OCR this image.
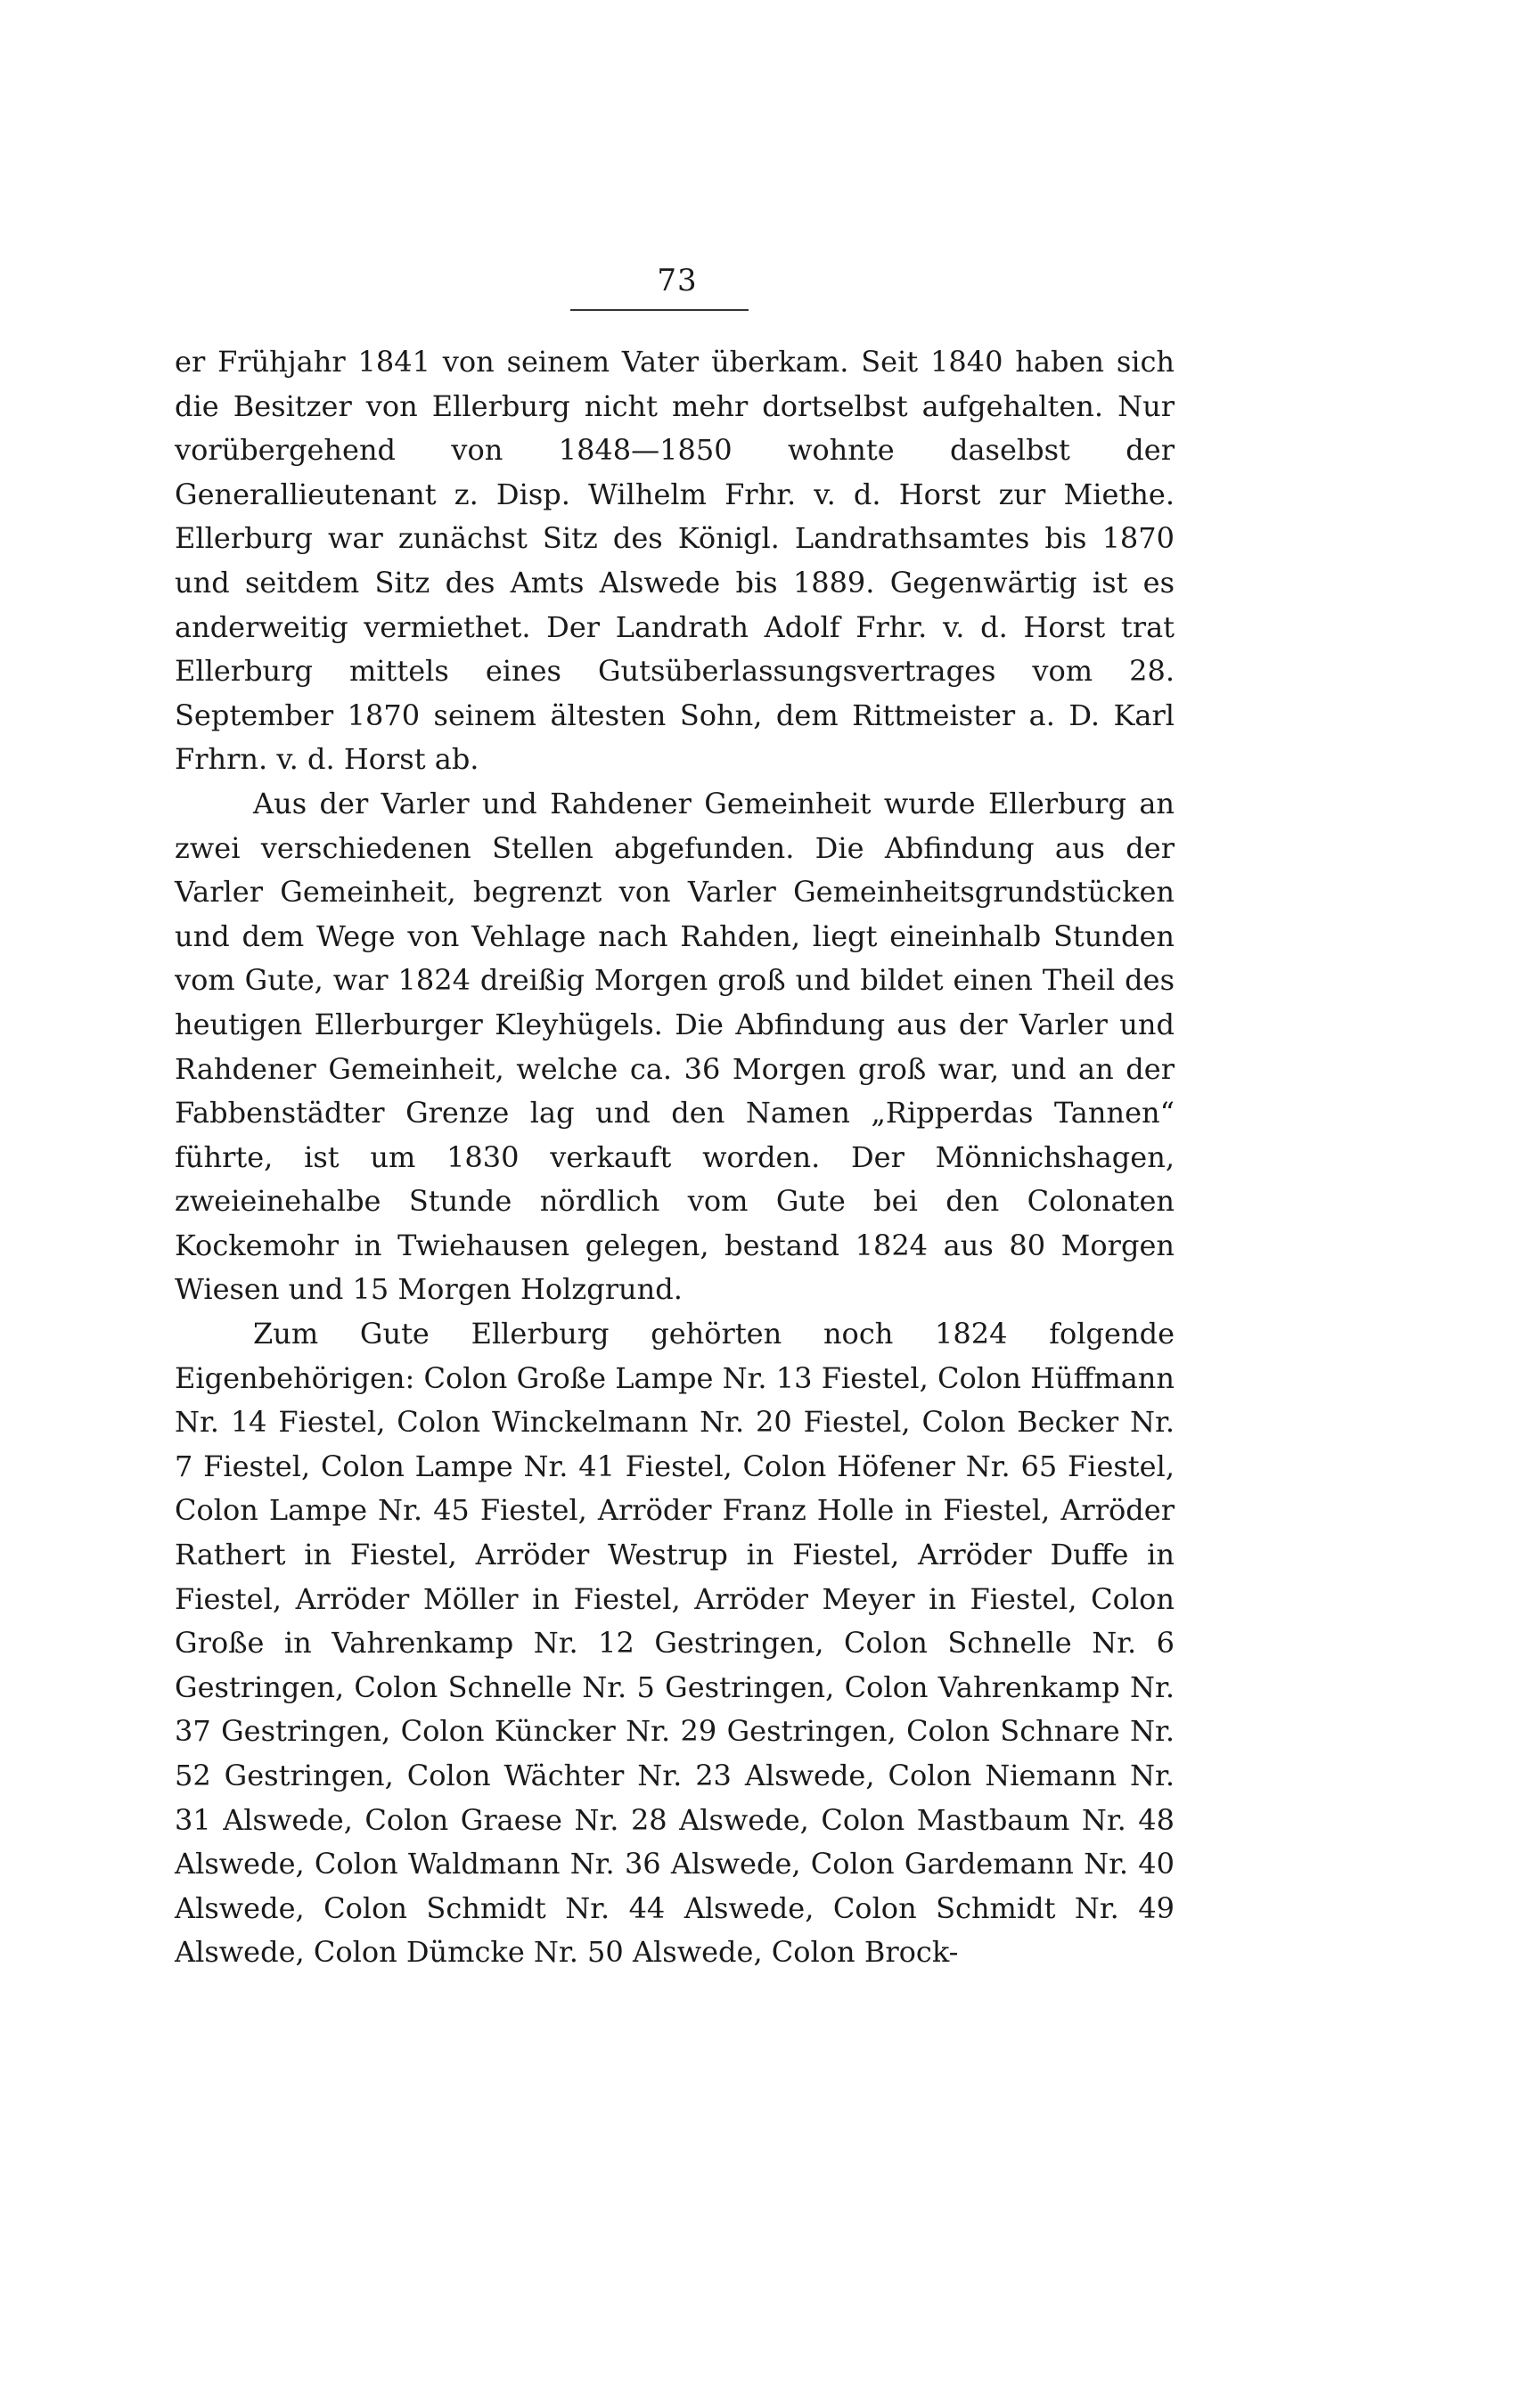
73

er Frühjahr 1841 von seinem Vater überkam. Seit 1840 haben sich die Besitzer von Ellerburg nicht mehr dortselbst aufgehalten. Nur vorübergehend von 1848—1850 wohnte daselbst der Generallieutenant z. Disp. Wilhelm Frhr. v. d. Horst zur Miethe. Ellerburg war zunächst Sitz des Königl. Landrathsamtes bis 1870 und seitdem Sitz des Amts Alswede bis 1889. Gegenwärtig ist es anderweitig vermiethet. Der Landrath Adolf Frhr. v. d. Horst trat Ellerburg mittels eines Gutsüberlassungsvertrages vom 28. September 1870 seinem ältesten Sohn, dem Rittmeister a. D. Karl Frhrn. v. d. Horst ab.

Aus der Varler und Rahdener Gemeinheit wurde Ellerburg an zwei verschiedenen Stellen abgefunden. Die Abfindung aus der Varler Gemeinheit, begrenzt von Varler Gemeinheitsgrundstücken und dem Wege von Vehlage nach Rahden, liegt eineinhalb Stunden vom Gute, war 1824 dreißig Morgen groß und bildet einen Theil des heutigen Ellerburger Kleyhügels. Die Abfindung aus der Varler und Rahdener Gemeinheit, welche ca. 36 Morgen groß war, und an der Fabbenstädter Grenze lag und den Namen „Ripperdas Tannen“ führte, ist um 1830 verkauft worden. Der Mönnichshagen, zweieinehalbe Stunde nördlich vom Gute bei den Colonaten Kockemohr in Twiehausen gelegen, bestand 1824 aus 80 Morgen Wiesen und 15 Morgen Holzgrund.

Zum Gute Ellerburg gehörten noch 1824 folgende Eigenbehörigen: Colon Große Lampe Nr. 13 Fiestel, Colon Hüffmann Nr. 14 Fiestel, Colon Winckelmann Nr. 20 Fiestel, Colon Becker Nr. 7 Fiestel, Colon Lampe Nr. 41 Fiestel, Colon Höfener Nr. 65 Fiestel, Colon Lampe Nr. 45 Fiestel, Arröder Franz Holle in Fiestel, Arröder Rathert in Fiestel, Arröder Westrup in Fiestel, Arröder Duffe in Fiestel, Arröder Möller in Fiestel, Arröder Meyer in Fiestel, Colon Große in Vahrenkamp Nr. 12 Gestringen, Colon Schnelle Nr. 6 Gestringen, Colon Schnelle Nr. 5 Gestringen, Colon Vahrenkamp Nr. 37 Gestringen, Colon Küncker Nr. 29 Gestringen, Colon Schnare Nr. 52 Gestringen, Colon Wächter Nr. 23 Alswede, Colon Niemann Nr. 31 Alswede, Colon Graese Nr. 28 Alswede, Colon Mastbaum Nr. 48 Alswede, Colon Waldmann Nr. 36 Alswede, Colon Gardemann Nr. 40 Alswede, Colon Schmidt Nr. 44 Alswede, Colon Schmidt Nr. 49 Alswede, Colon Dümcke Nr. 50 Alswede, Colon Brock-
